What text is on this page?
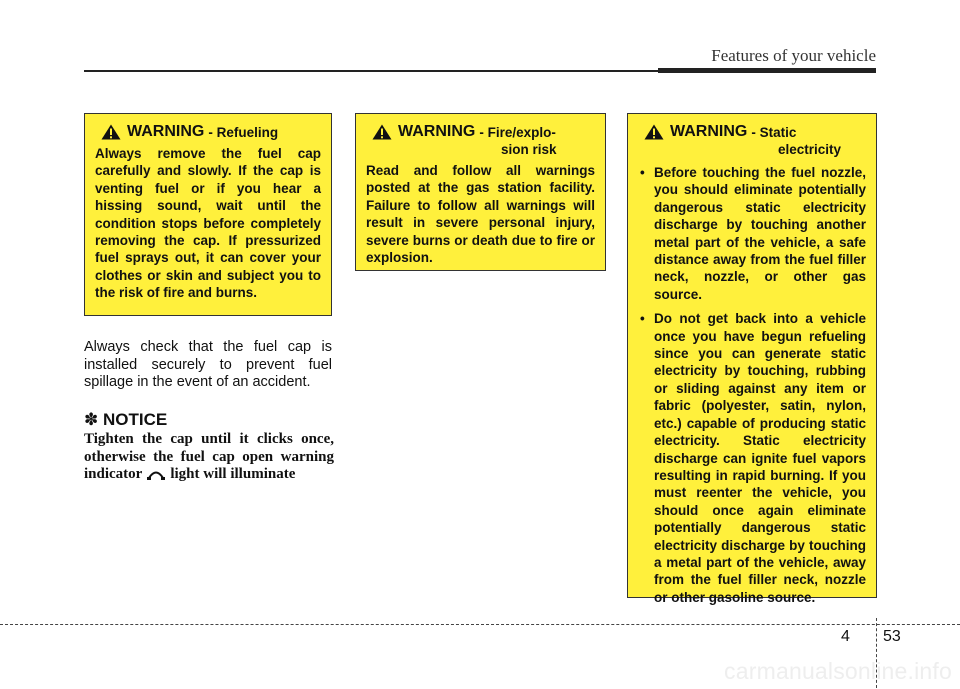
Features of your vehicle
WARNING - Refueling
Always remove the fuel cap carefully and slowly. If the cap is venting fuel or if you hear a hissing sound, wait until the condition stops before completely removing the cap. If pressurized fuel sprays out, it can cover your clothes or skin and subject you to the risk of fire and burns.
WARNING - Fire/explo-
sion risk
Read and follow all warnings posted at the gas station facility. Failure to follow all warnings will result in severe personal injury, severe burns or death due to fire or explosion.
WARNING - Static
electricity
• Before touching the fuel nozzle, you should eliminate potentially dangerous static electricity discharge by touching another metal part of the vehicle, a safe distance away from the fuel filler neck, nozzle, or other gas source.
• Do not get back into a vehicle once you have begun refueling since you can generate static electricity by touching, rubbing or sliding against any item or fabric (polyester, satin, nylon, etc.) capable of producing static electricity. Static electricity discharge can ignite fuel vapors resulting in rapid burning. If you must reenter the vehicle, you should once again eliminate potentially dangerous static electricity discharge by touching a metal part of the vehicle, away from the fuel filler neck, nozzle or other gasoline source.
Always check that the fuel cap is installed securely to prevent fuel spillage in the event of an accident.
✽ NOTICE
Tighten the cap until it clicks once, otherwise the fuel cap open warning indicator light will illuminate
4 53
carmanualsonline.info
